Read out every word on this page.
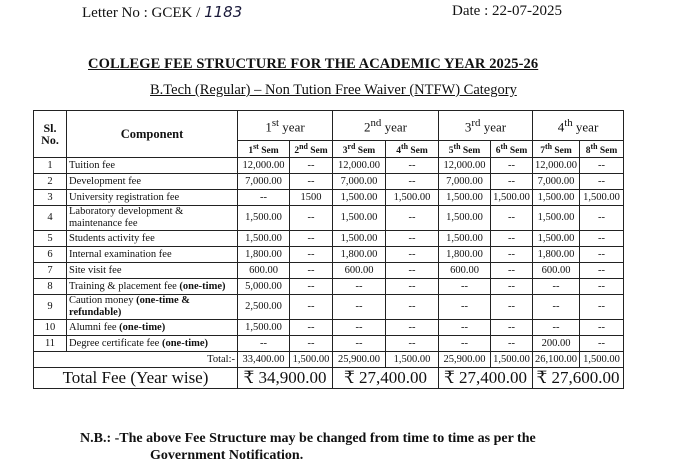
Letter No : GCEK / 1183	Date : 22-07-2025
COLLEGE FEE STRUCTURE FOR THE ACADEMIC YEAR 2025-26
B.Tech (Regular) – Non Tution Free Waiver (NTFW) Category
Sl.
No.	Component	1st year		2nd year		3rd year		4th year	
		1st Sem	2nd Sem	3rd Sem	4th Sem	5th Sem	6th Sem	7th Sem	8th Sem
1	Tuition fee	12,000.00	--	12,000.00	--	12,000.00	--	12,000.00	--
2	Development fee	7,000.00	--	7,000.00	--	7,000.00	--	7,000.00	--
3	University registration fee	--	1500	1,500.00	1,500.00	1,500.00	1,500.00	1,500.00	1,500.00
4	Laboratory development & maintenance fee	1,500.00	--	1,500.00	--	1,500.00	--	1,500.00	--
5	Students activity fee	1,500.00	--	1,500.00	--	1,500.00	--	1,500.00	--
6	Internal examination fee	1,800.00	--	1,800.00	--	1,800.00	--	1,800.00	--
7	Site visit fee	600.00	--	600.00	--	600.00	--	600.00	--
8	Training & placement fee (one-time)	5,000.00	--	--	--	--	--	--	--
9	Caution money (one-time & refundable)	2,500.00	--	--	--	--	--	--	--
10	Alumni fee (one-time)	1,500.00	--	--	--	--	--	--	--
11	Degree certificate fee (one-time)	--	--	--	--	--	--	200.00	--
Total:-		33,400.00	1,500.00	25,900.00	1,500.00	25,900.00	1,500.00	26,100.00	1,500.00
Total Fee (Year wise)		₹ 34,900.00		₹ 27,400.00		₹ 27,400.00		₹ 27,600.00	
N.B.: -The above Fee Structure may be changed from time to time as per the
Government Notification.
